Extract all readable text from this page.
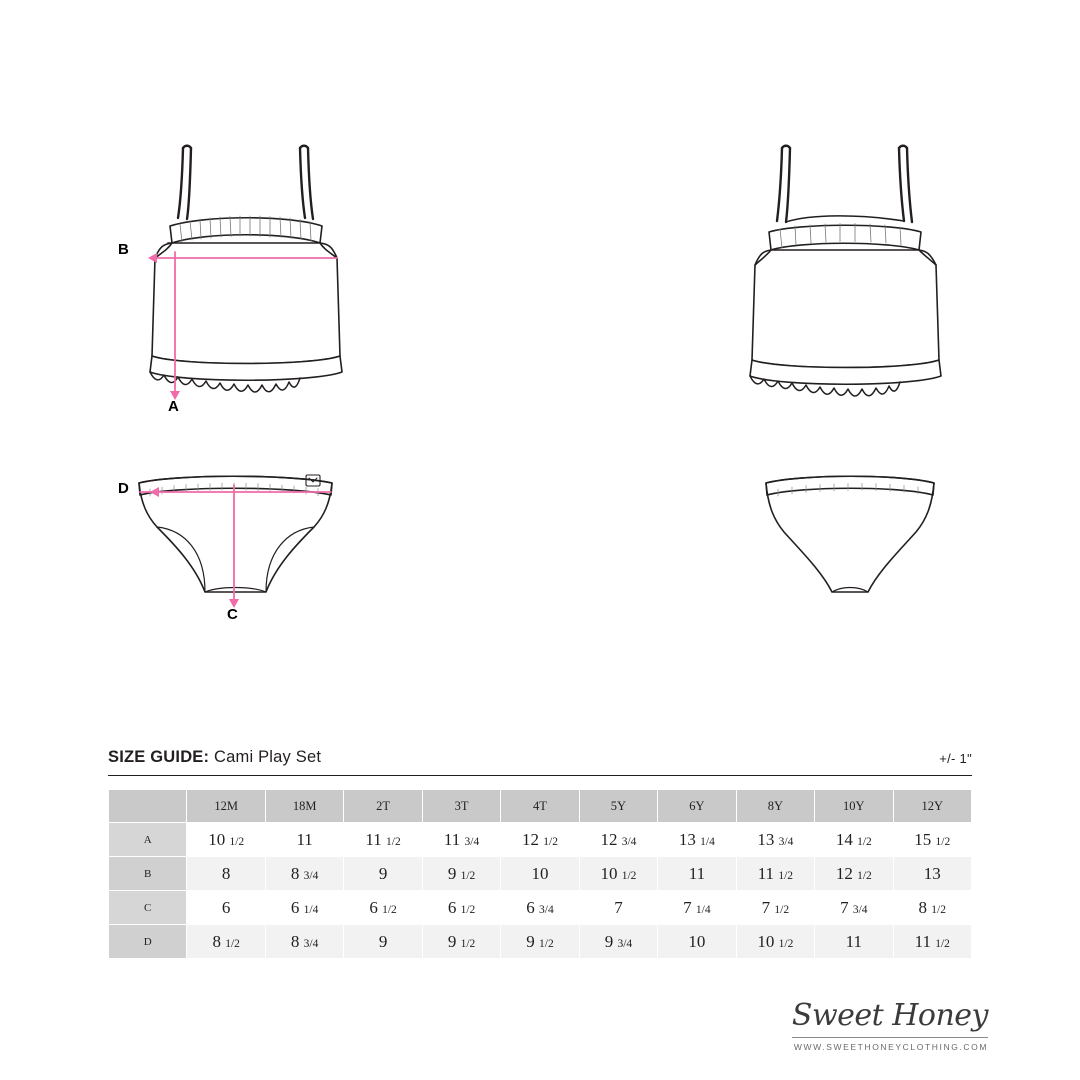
B
A
D
C
SIZE GUIDE: Cami Play Set	+/- 1"
	12M	18M	2T	3T	4T	5Y	6Y	8Y	10Y	12Y
A	10 1/2	11	11 1/2	11 3/4	12 1/2	12 3/4	13 1/4	13 3/4	14 1/2	15 1/2
B	8	8 3/4	9	9 1/2	10	10 1/2	11	11 1/2	12 1/2	13
C	6	6 1/4	6 1/2	6 1/2	6 3/4	7	7 1/4	7 1/2	7 3/4	8 1/2
D	8 1/2	8 3/4	9	9 1/2	9 1/2	9 3/4	10	10 1/2	11	11 1/2
Sweet Honey
WWW.SWEETHONEYCLOTHING.COM
